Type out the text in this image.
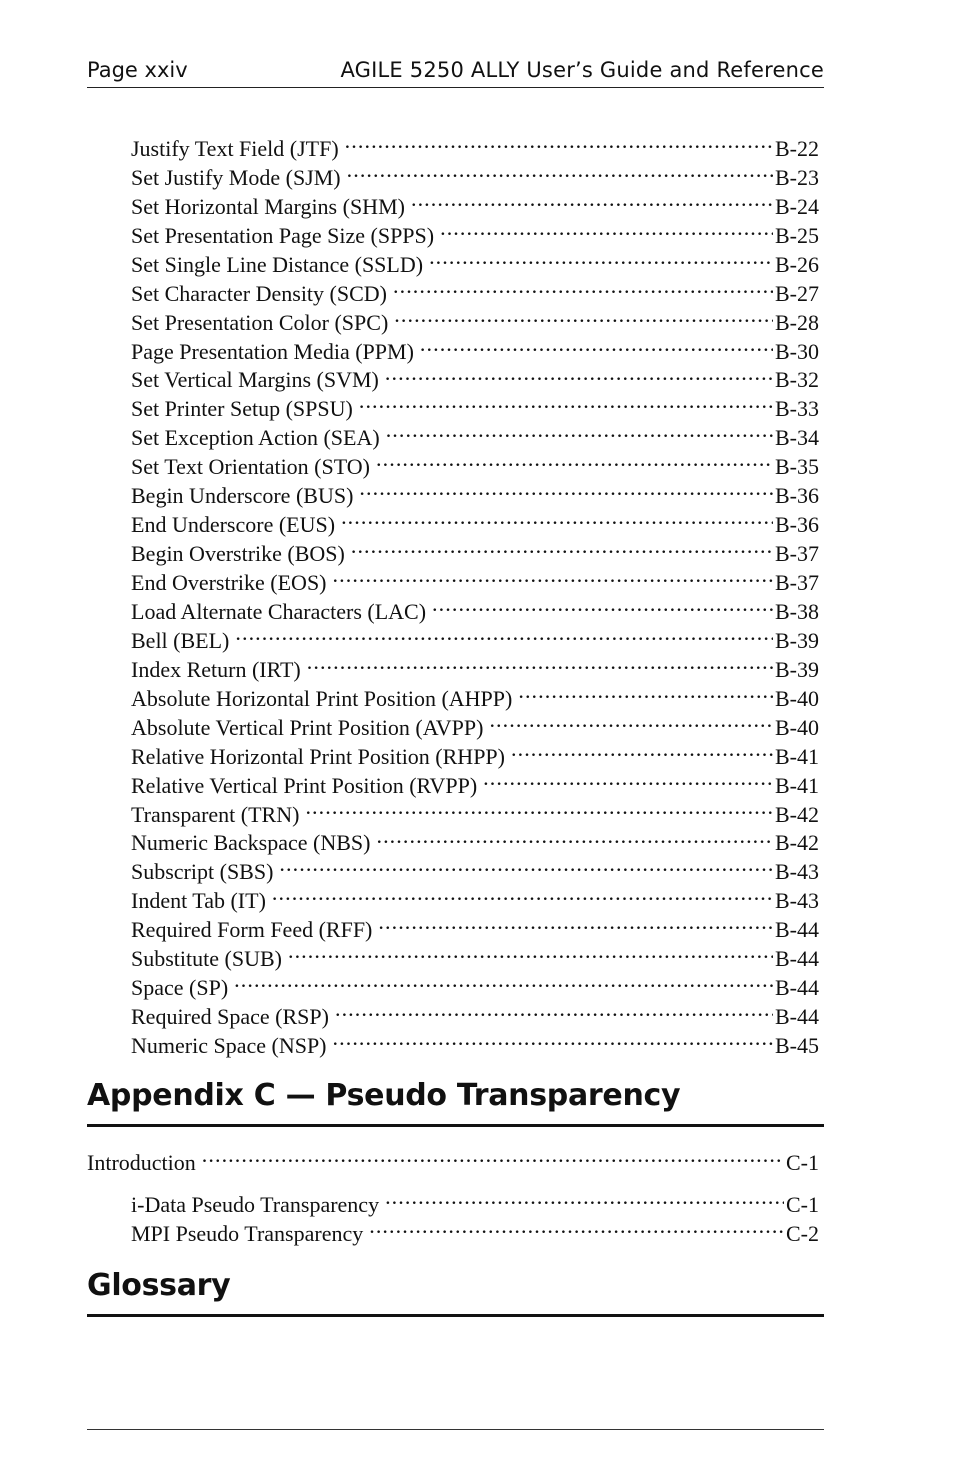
Page xxiv	AGILE 5250 ALLY User’s Guide and Reference
Justify Text Field (JTF) . . .	B-22
Set Justify Mode (SJM) . . .	B-23
Set Horizontal Margins (SHM) . . .	B-24
Set Presentation Page Size (SPPS) . . .	B-25
Set Single Line Distance (SSLD) . . .	B-26
Set Character Density (SCD) . . .	B-27
Set Presentation Color (SPC) . . .	B-28
Page Presentation Media (PPM) . . .	B-30
Set Vertical Margins (SVM) . . .	B-32
Set Printer Setup (SPSU) . . .	B-33
Set Exception Action (SEA) . . .	B-34
Set Text Orientation (STO) . . .	B-35
Begin Underscore (BUS) . . .	B-36
End Underscore (EUS) . . .	B-36
Begin Overstrike (BOS) . . .	B-37
End Overstrike (EOS) . . .	B-37
Load Alternate Characters (LAC) . . .	B-38
Bell (BEL) . . .	B-39
Index Return (IRT) . . .	B-39
Absolute Horizontal Print Position (AHPP) . . .	B-40
Absolute Vertical Print Position (AVPP) . . .	B-40
Relative Horizontal Print Position (RHPP) . . .	B-41
Relative Vertical Print Position (RVPP) . . .	B-41
Transparent (TRN) . . .	B-42
Numeric Backspace (NBS) . . .	B-42
Subscript (SBS) . . .	B-43
Indent Tab (IT) . . .	B-43
Required Form Feed (RFF) . . .	B-44
Substitute (SUB) . . .	B-44
Space (SP) . . .	B-44
Required Space (RSP) . . .	B-44
Numeric Space (NSP) . . .	B-45
Appendix C — Pseudo Transparency
Introduction . . .	C-1
i-Data Pseudo Transparency . . .	C-1
MPI Pseudo Transparency . . .	C-2
Glossary
